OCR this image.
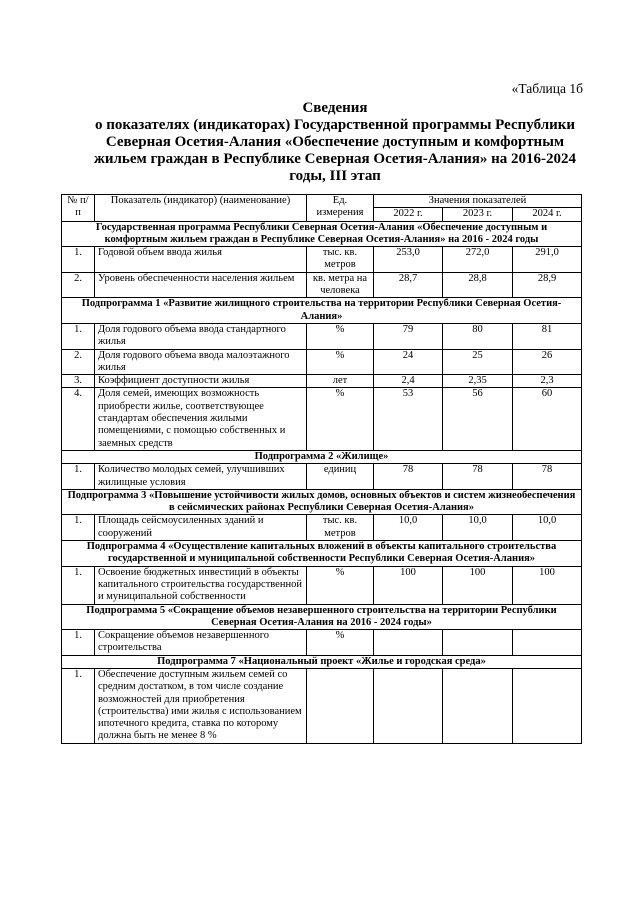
«Таблица 1б
Сведения
о показателях (индикаторах) Государственной программы Республики
Северная Осетия-Алания «Обеспечение доступным и комфортным
жильем граждан в Республике Северная Осетия-Алания» на 2016-2024
годы, III этап
№ п/п	Показатель (индикатор) (наименование)	Ед. измерения	Значения показателей		
			2022 г.	2023 г.	2024 г.
Государственная программа Республики Северная Осетия-Алания «Обеспечение доступным и комфортным жильем граждан в Республике Северная Осетия-Алания» на 2016 - 2024 годы					
1.	Годовой объем ввода жилья	тыс. кв. метров	253,0	272,0	291,0
2.	Уровень обеспеченности населения жильем	кв. метра на человека	28,7	28,8	28,9
Подпрограмма 1 «Развитие жилищного строительства на территории Республики Северная Осетия-Алания»					
1.	Доля годового объема ввода стандартного жилья	%	79	80	81
2.	Доля годового объема ввода малоэтажного жилья	%	24	25	26
3.	Коэффициент доступности жилья	лет	2,4	2,35	2,3
4.	Доля семей, имеющих возможность приобрести жилье, соответствующее стандартам обеспечения жилыми помещениями, с помощью собственных и заемных средств	%	53	56	60
Подпрограмма 2 «Жилище»					
1.	Количество молодых семей, улучшивших жилищные условия	единиц	78	78	78
Подпрограмма 3 «Повышение устойчивости жилых домов, основных объектов и систем жизнеобеспечения в сейсмических районах Республики Северная Осетия-Алания»					
1.	Площадь сейсмоусиленных зданий и сооружений	тыс. кв. метров	10,0	10,0	10,0
Подпрограмма 4 «Осуществление капитальных вложений в объекты капитального строительства государственной и муниципальной собственности Республики Северная Осетия-Алания»					
1.	Освоение бюджетных инвестиций в объекты капитального строительства государственной и муниципальной собственности	%	100	100	100
Подпрограмма 5 «Сокращение объемов незавершенного строительства на территории Республики Северная Осетия-Алания на 2016 - 2024 годы»					
1.	Сокращение объемов незавершенного строительства	%			
Подпрограмма 7 «Национальный проект «Жилье и городская среда»					
1.	Обеспечение доступным жильем семей со средним достатком, в том числе создание возможностей для приобретения (строительства) ими жилья с использованием ипотечного кредита, ставка по которому должна быть не менее 8 %				
